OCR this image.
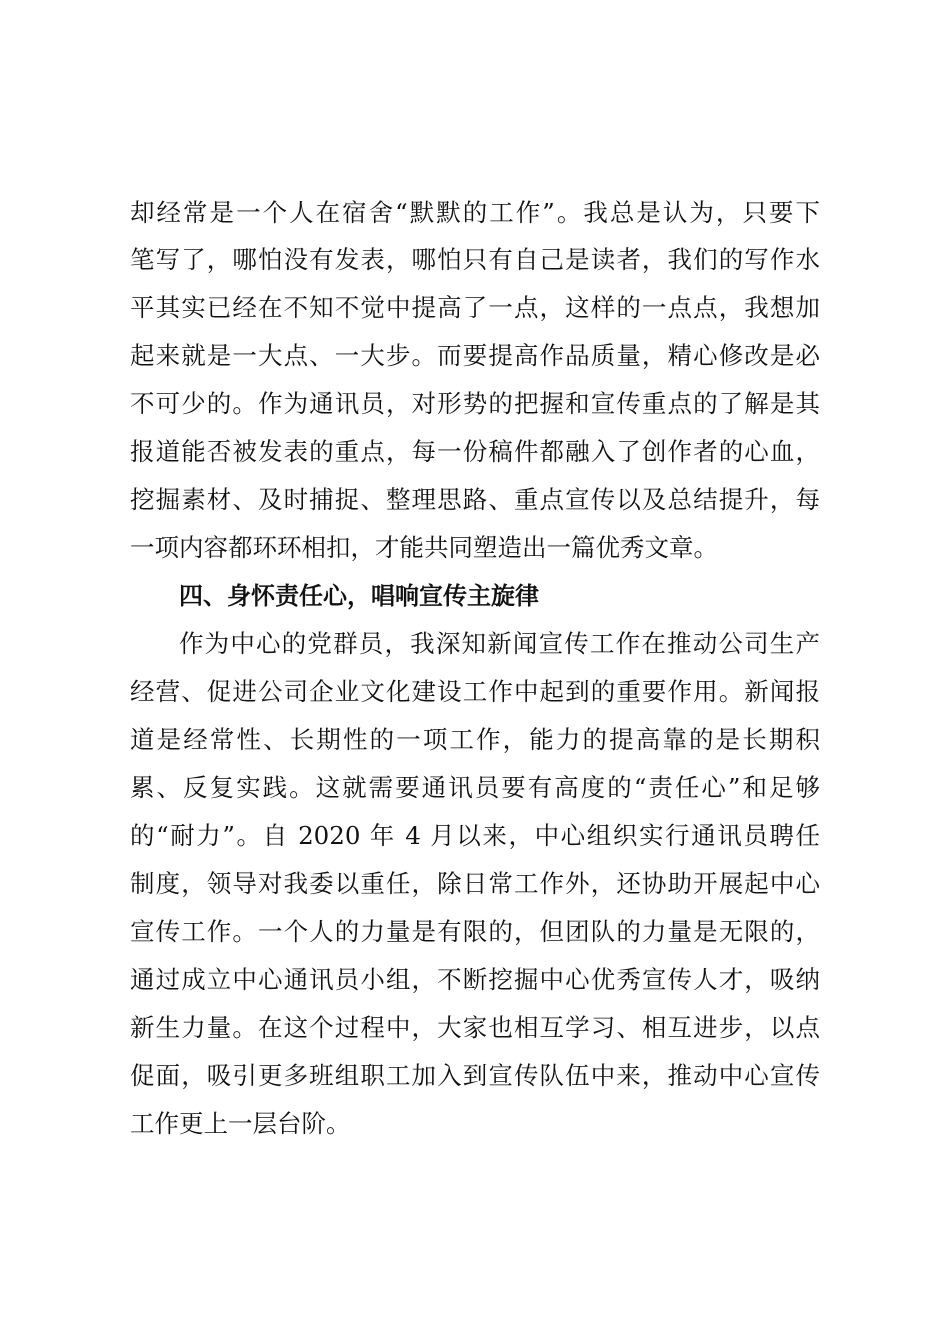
却经常是一个人在宿舍“默默的工作”。我总是认为，只要下
笔写了，哪怕没有发表，哪怕只有自己是读者，我们的写作水
平其实已经在不知不觉中提高了一点，这样的一点点，我想加
起来就是一大点、一大步。而要提高作品质量，精心修改是必
不可少的。作为通讯员，对形势的把握和宣传重点的了解是其
报道能否被发表的重点，每一份稿件都融入了创作者的心血，
挖掘素材、及时捕捉、整理思路、重点宣传以及总结提升，每
一项内容都环环相扣，才能共同塑造出一篇优秀文章。
四、身怀责任心，唱响宣传主旋律
作为中心的党群员，我深知新闻宣传工作在推动公司生产
经营、促进公司企业文化建设工作中起到的重要作用。新闻报
道是经常性、长期性的一项工作，能力的提高靠的是长期积
累、反复实践。这就需要通讯员要有高度的“责任心”和足够
的“耐力”。自 2020 年 4 月以来，中心组织实行通讯员聘任
制度，领导对我委以重任，除日常工作外，还协助开展起中心
宣传工作。一个人的力量是有限的，但团队的力量是无限的，
通过成立中心通讯员小组，不断挖掘中心优秀宣传人才，吸纳
新生力量。在这个过程中，大家也相互学习、相互进步，以点
促面，吸引更多班组职工加入到宣传队伍中来，推动中心宣传
工作更上一层台阶。
